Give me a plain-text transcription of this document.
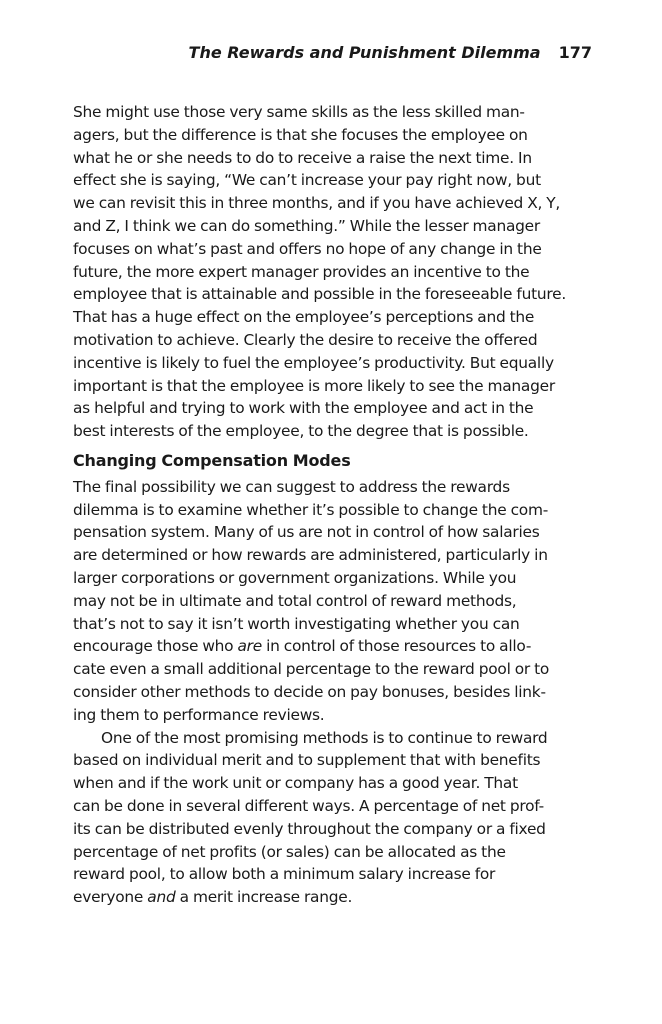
The Rewards and Punishment Dilemma 177
She might use those very same skills as the less skilled man-
agers, but the difference is that she focuses the employee on
what he or she needs to do to receive a raise the next time. In
effect she is saying, “We can’t increase your pay right now, but
we can revisit this in three months, and if you have achieved X, Y,
and Z, I think we can do something.” While the lesser manager
focuses on what’s past and offers no hope of any change in the
future, the more expert manager provides an incentive to the
employee that is attainable and possible in the foreseeable future.
That has a huge effect on the employee’s perceptions and the
motivation to achieve. Clearly the desire to receive the offered
incentive is likely to fuel the employee’s productivity. But equally
important is that the employee is more likely to see the manager
as helpful and trying to work with the employee and act in the
best interests of the employee, to the degree that is possible.
Changing Compensation Modes
The final possibility we can suggest to address the rewards
dilemma is to examine whether it’s possible to change the com-
pensation system. Many of us are not in control of how salaries
are determined or how rewards are administered, particularly in
larger corporations or government organizations. While you
may not be in ultimate and total control of reward methods,
that’s not to say it isn’t worth investigating whether you can
encourage those who are in control of those resources to allo-
cate even a small additional percentage to the reward pool or to
consider other methods to decide on pay bonuses, besides link-
ing them to performance reviews.
One of the most promising methods is to continue to reward
based on individual merit and to supplement that with benefits
when and if the work unit or company has a good year. That
can be done in several different ways. A percentage of net prof-
its can be distributed evenly throughout the company or a fixed
percentage of net profits (or sales) can be allocated as the
reward pool, to allow both a minimum salary increase for
everyone and a merit increase range.
